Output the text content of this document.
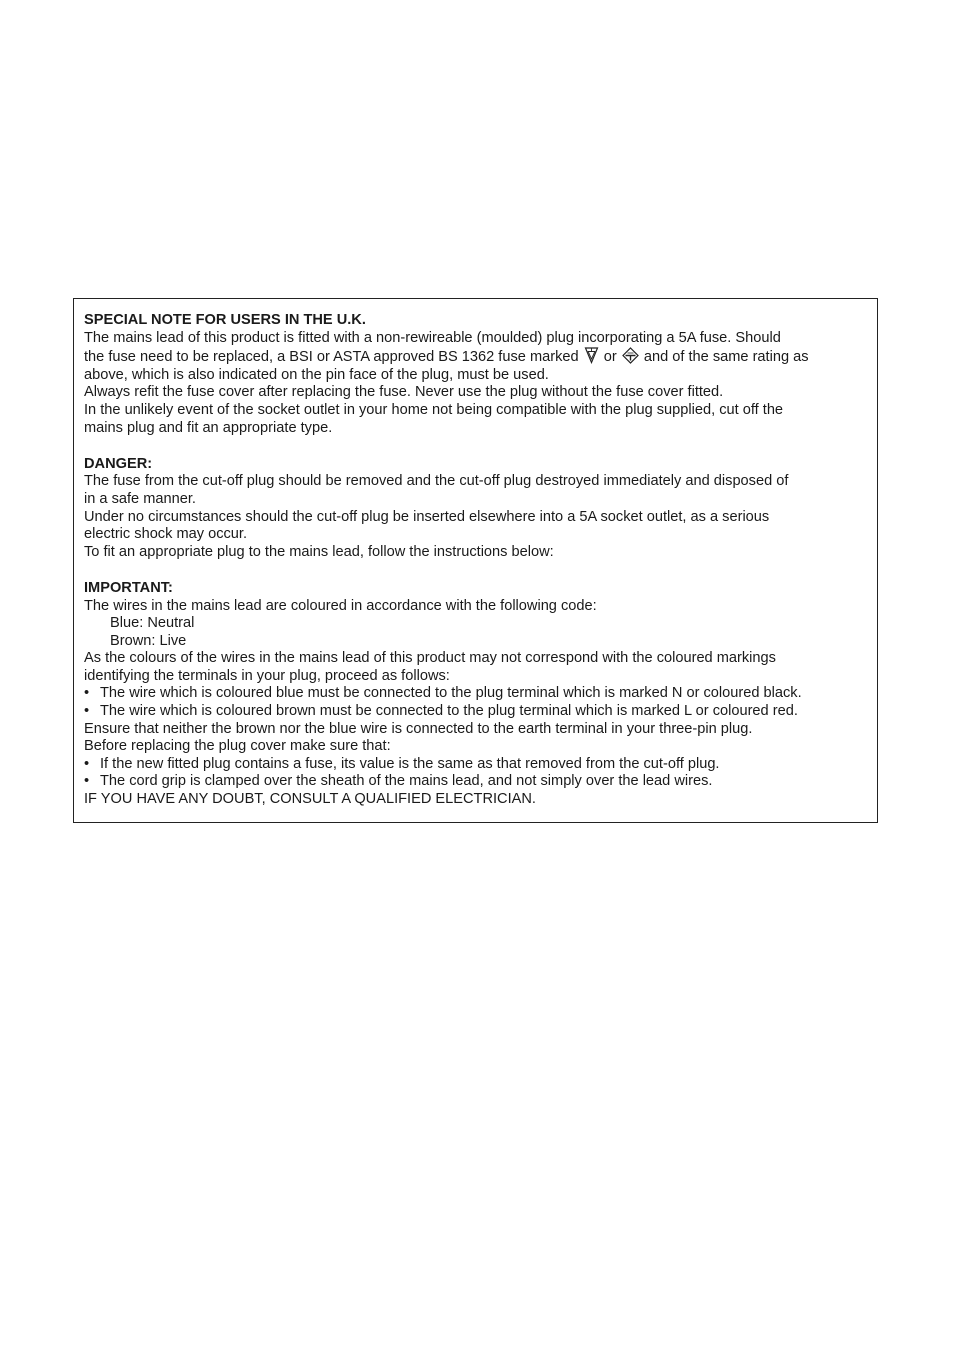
SPECIAL NOTE FOR USERS IN THE U.K.
The mains lead of this product is fitted with a non-rewireable (moulded) plug incorporating a 5A fuse. Should
the fuse need to be replaced, a BSI or ASTA approved BS 1362 fuse marked or and of the same rating as
above, which is also indicated on the pin face of the plug, must be used.
Always refit the fuse cover after replacing the fuse. Never use the plug without the fuse cover fitted.
In the unlikely event of the socket outlet in your home not being compatible with the plug supplied, cut off the
mains plug and fit an appropriate type.
DANGER:
The fuse from the cut-off plug should be removed and the cut-off plug destroyed immediately and disposed of
in a safe manner.
Under no circumstances should the cut-off plug be inserted elsewhere into a 5A socket outlet, as a serious
electric shock may occur.
To fit an appropriate plug to the mains lead, follow the instructions below:
IMPORTANT:
The wires in the mains lead are coloured in accordance with the following code:
Blue: Neutral
Brown: Live
As the colours of the wires in the mains lead of this product may not correspond with the coloured markings
identifying the terminals in your plug, proceed as follows:
• The wire which is coloured blue must be connected to the plug terminal which is marked N or coloured black.
• The wire which is coloured brown must be connected to the plug terminal which is marked L or coloured red.
Ensure that neither the brown nor the blue wire is connected to the earth terminal in your three-pin plug.
Before replacing the plug cover make sure that:
• If the new fitted plug contains a fuse, its value is the same as that removed from the cut-off plug.
• The cord grip is clamped over the sheath of the mains lead, and not simply over the lead wires.
IF YOU HAVE ANY DOUBT, CONSULT A QUALIFIED ELECTRICIAN.
